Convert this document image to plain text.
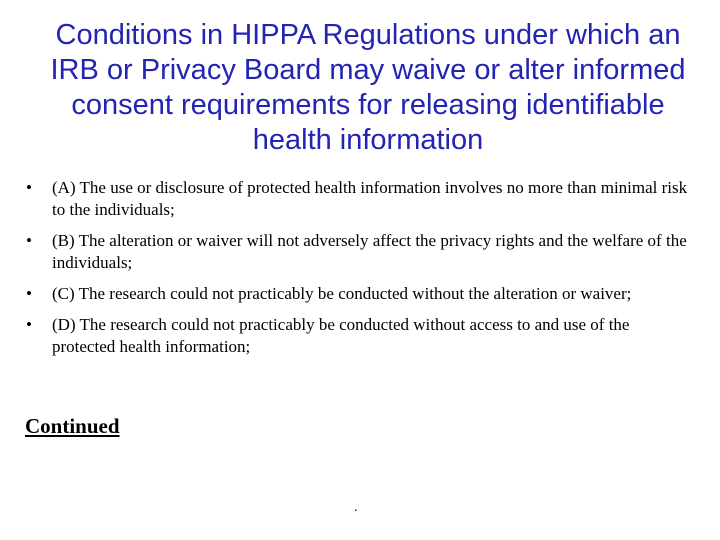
Conditions in HIPPA Regulations under which an IRB or Privacy Board may waive or alter informed consent requirements for releasing identifiable health information
•	(A) The use or disclosure of protected health information involves no more than minimal risk to the individuals;
•	(B) The alteration or waiver will not adversely affect the privacy rights and the welfare of the individuals;
•	(C) The research could not practicably be conducted without the alteration or waiver;
•	(D) The research could not practicably be conducted without access to and use of the protected health information;
Continued
.
